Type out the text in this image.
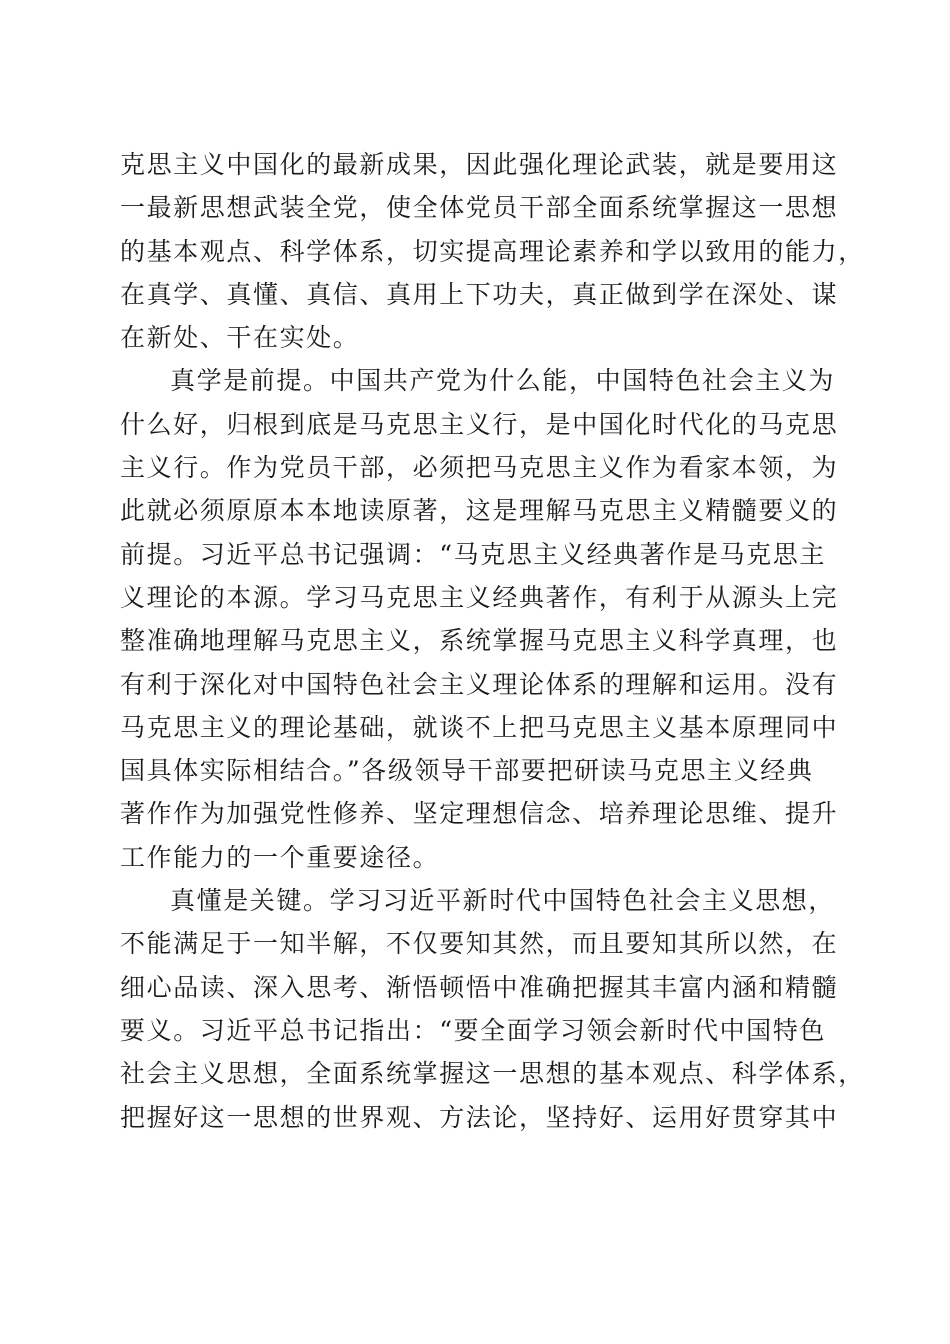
克思主义中国化的最新成果，因此强化理论武装，就是要用这
一最新思想武装全党，使全体党员干部全面系统掌握这一思想
的基本观点、科学体系，切实提高理论素养和学以致用的能力，
在真学、真懂、真信、真用上下功夫，真正做到学在深处、谋
在新处、干在实处。
真学是前提。中国共产党为什么能，中国特色社会主义为
什么好，归根到底是马克思主义行，是中国化时代化的马克思
主义行。作为党员干部，必须把马克思主义作为看家本领，为
此就必须原原本本地读原著，这是理解马克思主义精髓要义的
前提。习近平总书记强调：“马克思主义经典著作是马克思主
义理论的本源。学习马克思主义经典著作，有利于从源头上完
整准确地理解马克思主义，系统掌握马克思主义科学真理，也
有利于深化对中国特色社会主义理论体系的理解和运用。没有
马克思主义的理论基础，就谈不上把马克思主义基本原理同中
国具体实际相结合。”各级领导干部要把研读马克思主义经典
著作作为加强党性修养、坚定理想信念、培养理论思维、提升
工作能力的一个重要途径。
真懂是关键。学习习近平新时代中国特色社会主义思想，
不能满足于一知半解，不仅要知其然，而且要知其所以然，在
细心品读、深入思考、渐悟顿悟中准确把握其丰富内涵和精髓
要义。习近平总书记指出：“要全面学习领会新时代中国特色
社会主义思想，全面系统掌握这一思想的基本观点、科学体系，
把握好这一思想的世界观、方法论，坚持好、运用好贯穿其中
